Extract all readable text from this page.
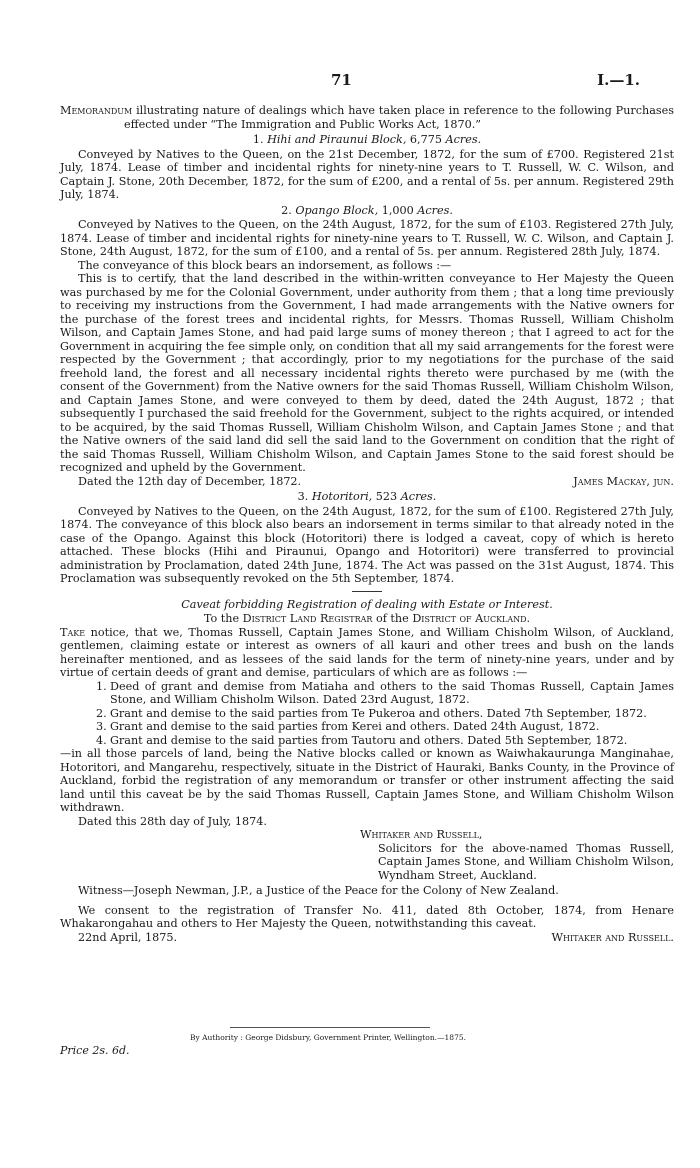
71	I.—1.

Memorandum illustrating nature of dealings which have taken place in reference to the following Purchases effected under “The Immigration and Public Works Act, 1870.”

1. Hihi and Piraunui Block, 6,775 Acres.

Conveyed by Natives to the Queen, on the 21st December, 1872, for the sum of £700. Registered 21st July, 1874. Lease of timber and incidental rights for ninety-nine years to T. Russell, W. C. Wilson, and Captain J. Stone, 20th December, 1872, for the sum of £200, and a rental of 5s. per annum. Registered 29th July, 1874.

2. Opango Block, 1,000 Acres.

Conveyed by Natives to the Queen, on the 24th August, 1872, for the sum of £103. Registered 27th July, 1874. Lease of timber and incidental rights for ninety-nine years to T. Russell, W. C. Wilson, and Captain J. Stone, 24th August, 1872, for the sum of £100, and a rental of 5s. per annum. Registered 28th July, 1874.

The conveyance of this block bears an indorsement, as follows :—

This is to certify, that the land described in the within-written conveyance to Her Majesty the Queen was purchased by me for the Colonial Government, under authority from them ; that a long time previously to receiving my instructions from the Government, I had made arrangements with the Native owners for the purchase of the forest trees and incidental rights, for Messrs. Thomas Russell, William Chisholm Wilson, and Captain James Stone, and had paid large sums of money thereon ; that I agreed to act for the Government in acquiring the fee simple only, on condition that all my said arrangements for the forest were respected by the Government ; that accordingly, prior to my negotiations for the purchase of the said freehold land, the forest and all necessary incidental rights thereto were purchased by me (with the consent of the Government) from the Native owners for the said Thomas Russell, William Chisholm Wilson, and Captain James Stone, and were conveyed to them by deed, dated the 24th August, 1872 ; that subsequently I purchased the said freehold for the Government, subject to the rights acquired, or intended to be acquired, by the said Thomas Russell, William Chisholm Wilson, and Captain James Stone ; and that the Native owners of the said land did sell the said land to the Government on condition that the right of the said Thomas Russell, William Chisholm Wilson, and Captain James Stone to the said forest should be recognized and upheld by the Government.

Dated the 12th day of December, 1872.	James Mackay, jun.

3. Hotoritori, 523 Acres.

Conveyed by Natives to the Queen, on the 24th August, 1872, for the sum of £100. Registered 27th July, 1874. The conveyance of this block also bears an indorsement in terms similar to that already noted in the case of the Opango. Against this block (Hotoritori) there is lodged a caveat, copy of which is hereto attached. These blocks (Hihi and Piraunui, Opango and Hotoritori) were transferred to provincial administration by Proclamation, dated 24th June, 1874. The Act was passed on the 31st August, 1874. This Proclamation was subsequently revoked on the 5th September, 1874.

Caveat forbidding Registration of dealing with Estate or Interest.

To the District Land Registrar of the District of Auckland.

Take notice, that we, Thomas Russell, Captain James Stone, and William Chisholm Wilson, of Auckland, gentlemen, claiming estate or interest as owners of all kauri and other trees and bush on the lands hereinafter mentioned, and as lessees of the said lands for the term of ninety-nine years, under and by virtue of certain deeds of grant and demise, particulars of which are as follows :—

1. Deed of grant and demise from Matiaha and others to the said Thomas Russell, Captain James Stone, and William Chisholm Wilson. Dated 23rd August, 1872.
2. Grant and demise to the said parties from Te Pukeroa and others. Dated 7th September, 1872.
3. Grant and demise to the said parties from Kerei and others. Dated 24th August, 1872.
4. Grant and demise to the said parties from Tautoru and others. Dated 5th September, 1872.

—in all those parcels of land, being the Native blocks called or known as Waiwhakaurunga Manginahae, Hotoritori, and Mangarehu, respectively, situate in the District of Hauraki, Banks County, in the Province of Auckland, forbid the registration of any memorandum or transfer or other instrument affecting the said land until this caveat be by the said Thomas Russell, Captain James Stone, and William Chisholm Wilson withdrawn.

Dated this 28th day of July, 1874.

Whitaker and Russell,

Solicitors for the above-named Thomas Russell, Captain James Stone, and William Chisholm Wilson, Wyndham Street, Auckland.

Witness—Joseph Newman, J.P., a Justice of the Peace for the Colony of New Zealand.

We consent to the registration of Transfer No. 411, dated 8th October, 1874, from Henare Whakarongahau and others to Her Majesty the Queen, notwithstanding this caveat.

22nd April, 1875.	Whitaker and Russell.

By Authority : George Didsbury, Government Printer, Wellington.—1875.
Price 2s. 6d.
